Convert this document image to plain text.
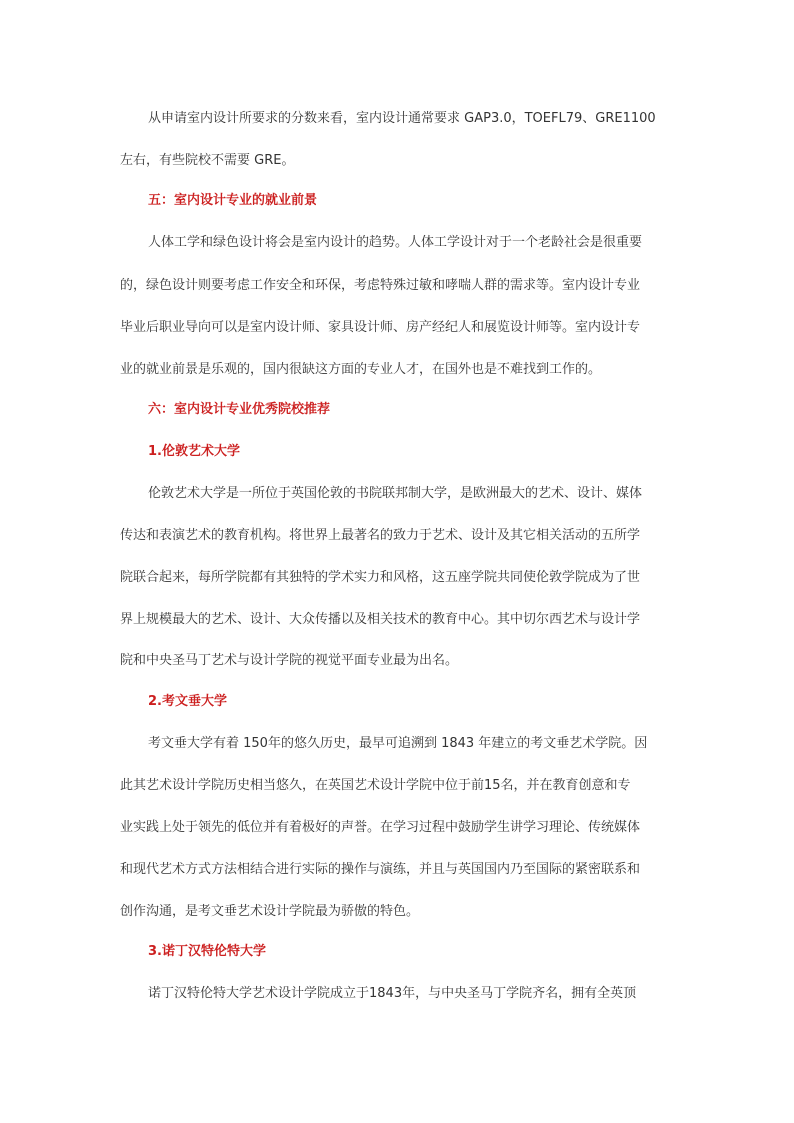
从申请室内设计所要求的分数来看，室内设计通常要求 GAP3.0，TOEFL79、GRE1100
左右，有些院校不需要 GRE。
五：室内设计专业的就业前景
人体工学和绿色设计将会是室内设计的趋势。人体工学设计对于一个老龄社会是很重要
的，绿色设计则要考虑工作安全和环保，考虑特殊过敏和哮喘人群的需求等。室内设计专业
毕业后职业导向可以是室内设计师、家具设计师、房产经纪人和展览设计师等。室内设计专
业的就业前景是乐观的，国内很缺这方面的专业人才，在国外也是不难找到工作的。
六：室内设计专业优秀院校推荐
1.伦敦艺术大学
伦敦艺术大学是一所位于英国伦敦的书院联邦制大学，是欧洲最大的艺术、设计、媒体
传达和表演艺术的教育机构。将世界上最著名的致力于艺术、设计及其它相关活动的五所学
院联合起来，每所学院都有其独特的学术实力和风格，这五座学院共同使伦敦学院成为了世
界上规模最大的艺术、设计、大众传播以及相关技术的教育中心。其中切尔西艺术与设计学
院和中央圣马丁艺术与设计学院的视觉平面专业最为出名。
2.考文垂大学
考文垂大学有着 150年的悠久历史，最早可追溯到 1843 年建立的考文垂艺术学院。因
此其艺术设计学院历史相当悠久，在英国艺术设计学院中位于前15名，并在教育创意和专
业实践上处于领先的低位并有着极好的声誉。在学习过程中鼓励学生讲学习理论、传统媒体
和现代艺术方式方法相结合进行实际的操作与演练，并且与英国国内乃至国际的紧密联系和
创作沟通，是考文垂艺术设计学院最为骄傲的特色。
3.诺丁汉特伦特大学
诺丁汉特伦特大学艺术设计学院成立于1843年，与中央圣马丁学院齐名，拥有全英顶
